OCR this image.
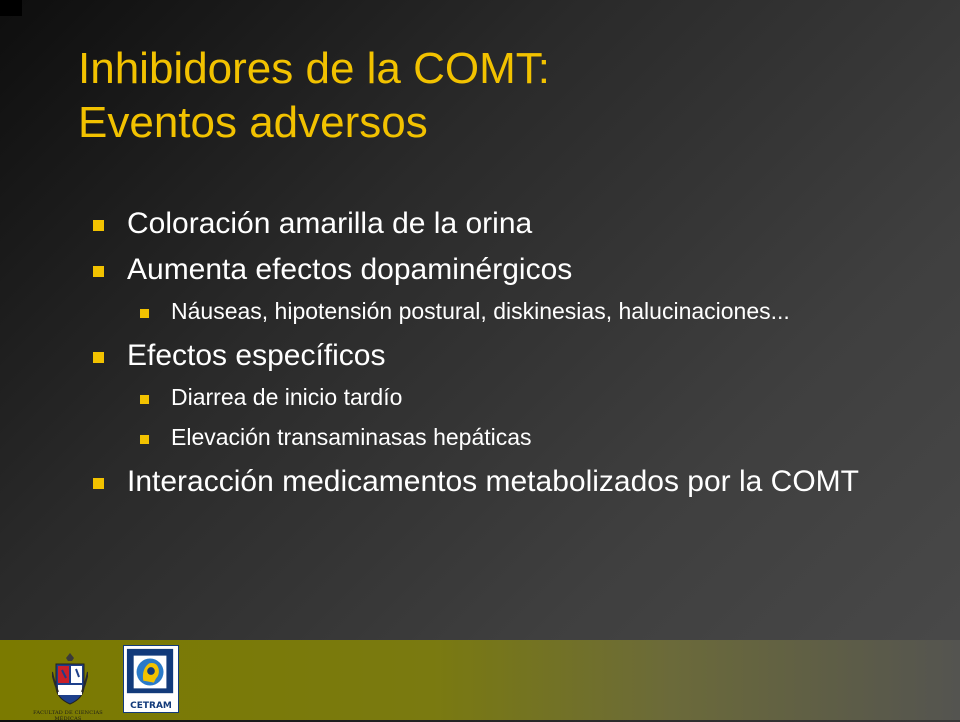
Inhibidores de la COMT:
Eventos adversos
Coloración amarilla de la orina
Aumenta efectos dopaminérgicos
Náuseas, hipotensión postural, diskinesias, halucinaciones...
Efectos específicos
Diarrea de inicio tardío
Elevación transaminasas hepáticas
Interacción medicamentos metabolizados por la COMT
FACULTAD DE CIENCIAS MÉDICAS
CETRAM
